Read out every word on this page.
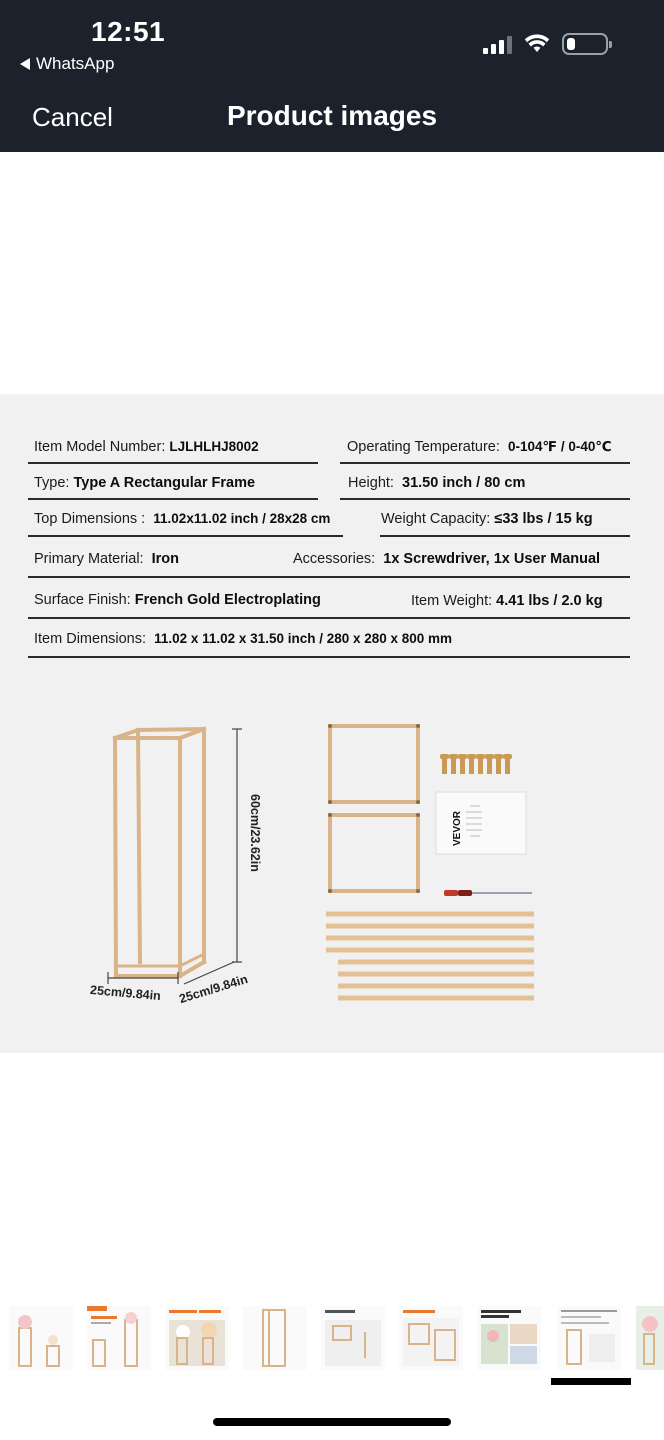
12:51
WhatsApp
Cancel	Product images
Item Model Number: LJLHLHJ8002	Operating Temperature: 0-104℉ / 0-40℃
Type: Type A Rectangular Frame	Height: 31.50 inch / 80 cm
Top Dimensions : 11.02x11.02 inch / 28x28 cm	Weight Capacity: ≤33 lbs / 15 kg
Primary Material: Iron	Accessories: 1x Screwdriver, 1x User Manual
Surface Finish: French Gold Electroplating	Item Weight: 4.41 lbs / 2.0 kg
Item Dimensions: 11.02 x 11.02 x 31.50 inch / 280 x 280 x 800 mm
60cm/23.62in
25cm/9.84in 25cm/9.84in
VEVOR
